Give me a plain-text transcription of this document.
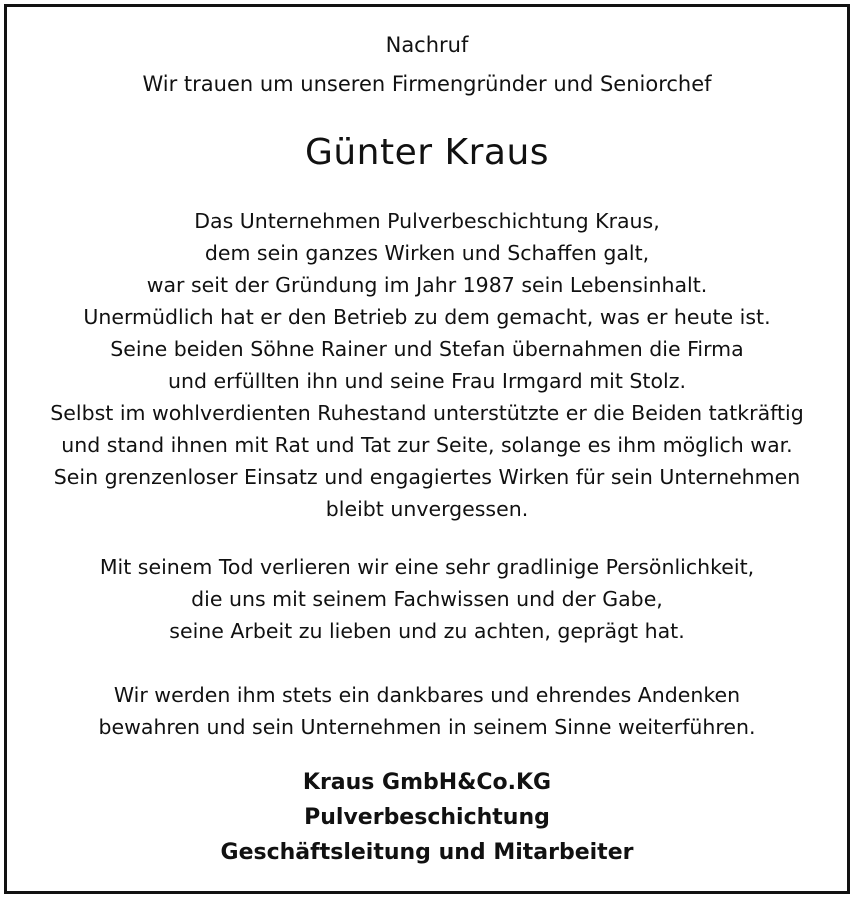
Nachruf
Wir trauen um unseren Firmengründer und Seniorchef
Günter Kraus
Das Unternehmen Pulverbeschichtung Kraus,
dem sein ganzes Wirken und Schaffen galt,
war seit der Gründung im Jahr 1987 sein Lebensinhalt.
Unermüdlich hat er den Betrieb zu dem gemacht, was er heute ist.
Seine beiden Söhne Rainer und Stefan übernahmen die Firma
und erfüllten ihn und seine Frau Irmgard mit Stolz.
Selbst im wohlverdienten Ruhestand unterstützte er die Beiden tatkräftig
und stand ihnen mit Rat und Tat zur Seite, solange es ihm möglich war.
Sein grenzenloser Einsatz und engagiertes Wirken für sein Unternehmen
bleibt unvergessen.
Mit seinem Tod verlieren wir eine sehr gradlinige Persönlichkeit,
die uns mit seinem Fachwissen und der Gabe,
seine Arbeit zu lieben und zu achten, geprägt hat.
Wir werden ihm stets ein dankbares und ehrendes Andenken
bewahren und sein Unternehmen in seinem Sinne weiterführen.
Kraus GmbH&Co.KG
Pulverbeschichtung
Geschäftsleitung und Mitarbeiter
